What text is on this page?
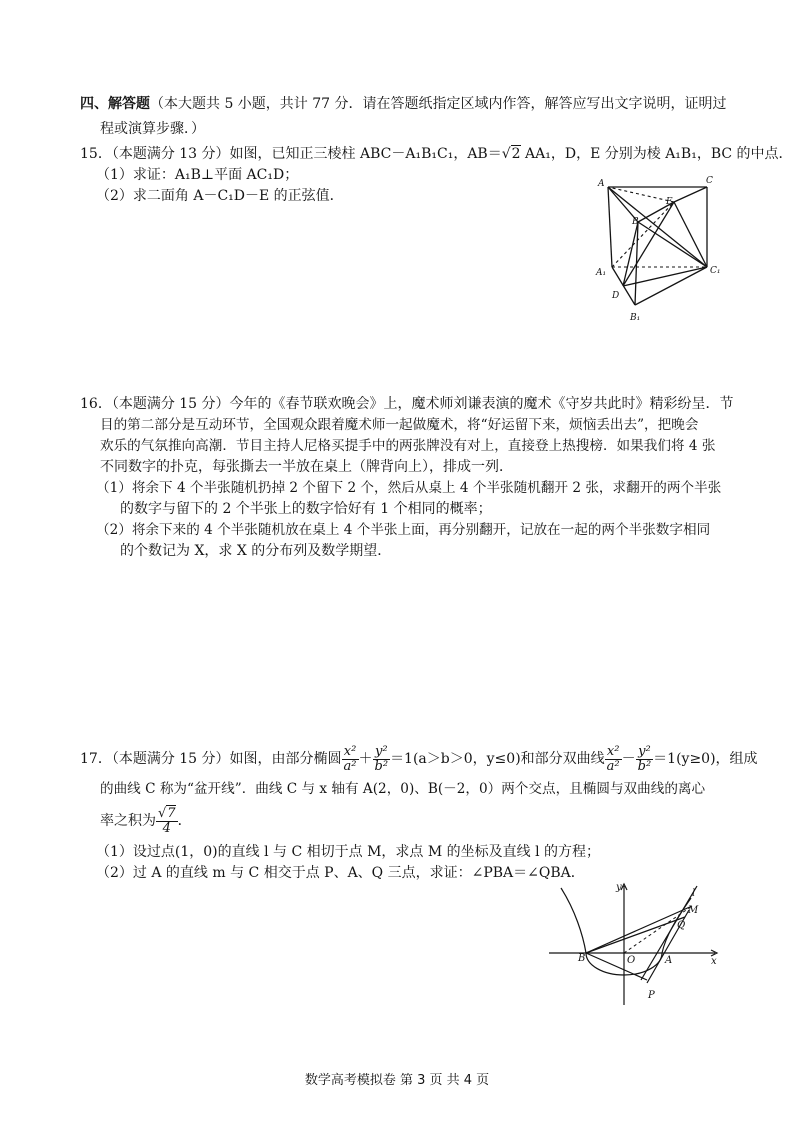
四、解答题（本大题共 5 小题，共计 77 分．请在答题纸指定区域内作答，解答应写出文字说明，证明过
程或演算步骤．）
15．（本题满分 13 分）如图，已知正三棱柱 ABC－A₁B₁C₁，AB＝√2 AA₁，D，E 分别为棱 A₁B₁，BC 的中点．
（1）求证：A₁B⊥平面 AC₁D；
（2）求二面角 A－C₁D－E 的正弦值．
A	C
B
E
A₁	C₁
D
B₁
16．（本题满分 15 分）今年的《春节联欢晚会》上，魔术师刘谦表演的魔术《守岁共此时》精彩纷呈．节
目的第二部分是互动环节，全国观众跟着魔术师一起做魔术，将“好运留下来，烦恼丢出去”，把晚会
欢乐的气氛推向高潮．节目主持人尼格买提手中的两张牌没有对上，直接登上热搜榜．如果我们将 4 张
不同数字的扑克，每张撕去一半放在桌上（牌背向上），排成一列．
（1）将余下 4 个半张随机扔掉 2 个留下 2 个，然后从桌上 4 个半张随机翻开 2 张，求翻开的两个半张
的数字与留下的 2 个半张上的数字恰好有 1 个相同的概率；
（2）将余下来的 4 个半张随机放在桌上 4 个半张上面，再分别翻开，记放在一起的两个半张数字相同
的个数记为 X，求 X 的分布列及数学期望．
17．（本题满分 15 分）如图，由部分椭圆 $\frac{\text{x²}}{\text{a²}} + \frac{\text{y²}}{\text{b²}} =1(a>b>0$，y≤0)和部分双曲线 $\frac{\text{x²}}{\text{a²}} - \frac{\text{y²}}{\text{b²}} =1(y\ge 0)$，组成
的曲线 C 称为“盆开线”．曲线 C 与 x 轴有 A(2，0)、B(－2，0）两个交点，且椭圆与双曲线的离心
率之积为 $\frac{√7}{4}$ ．
（1）设过点(1，0)的直线 l 与 C 相切于点 M，求点 M 的坐标及直线 l 的方程；
（2）过 A 的直线 m 与 C 相交于点 P、A、Q 三点，求证：∠PBA＝∠QBA．
y
l
M
Q
B	O	A	x
P
数学高考模拟卷 第 3 页 共 4 页
